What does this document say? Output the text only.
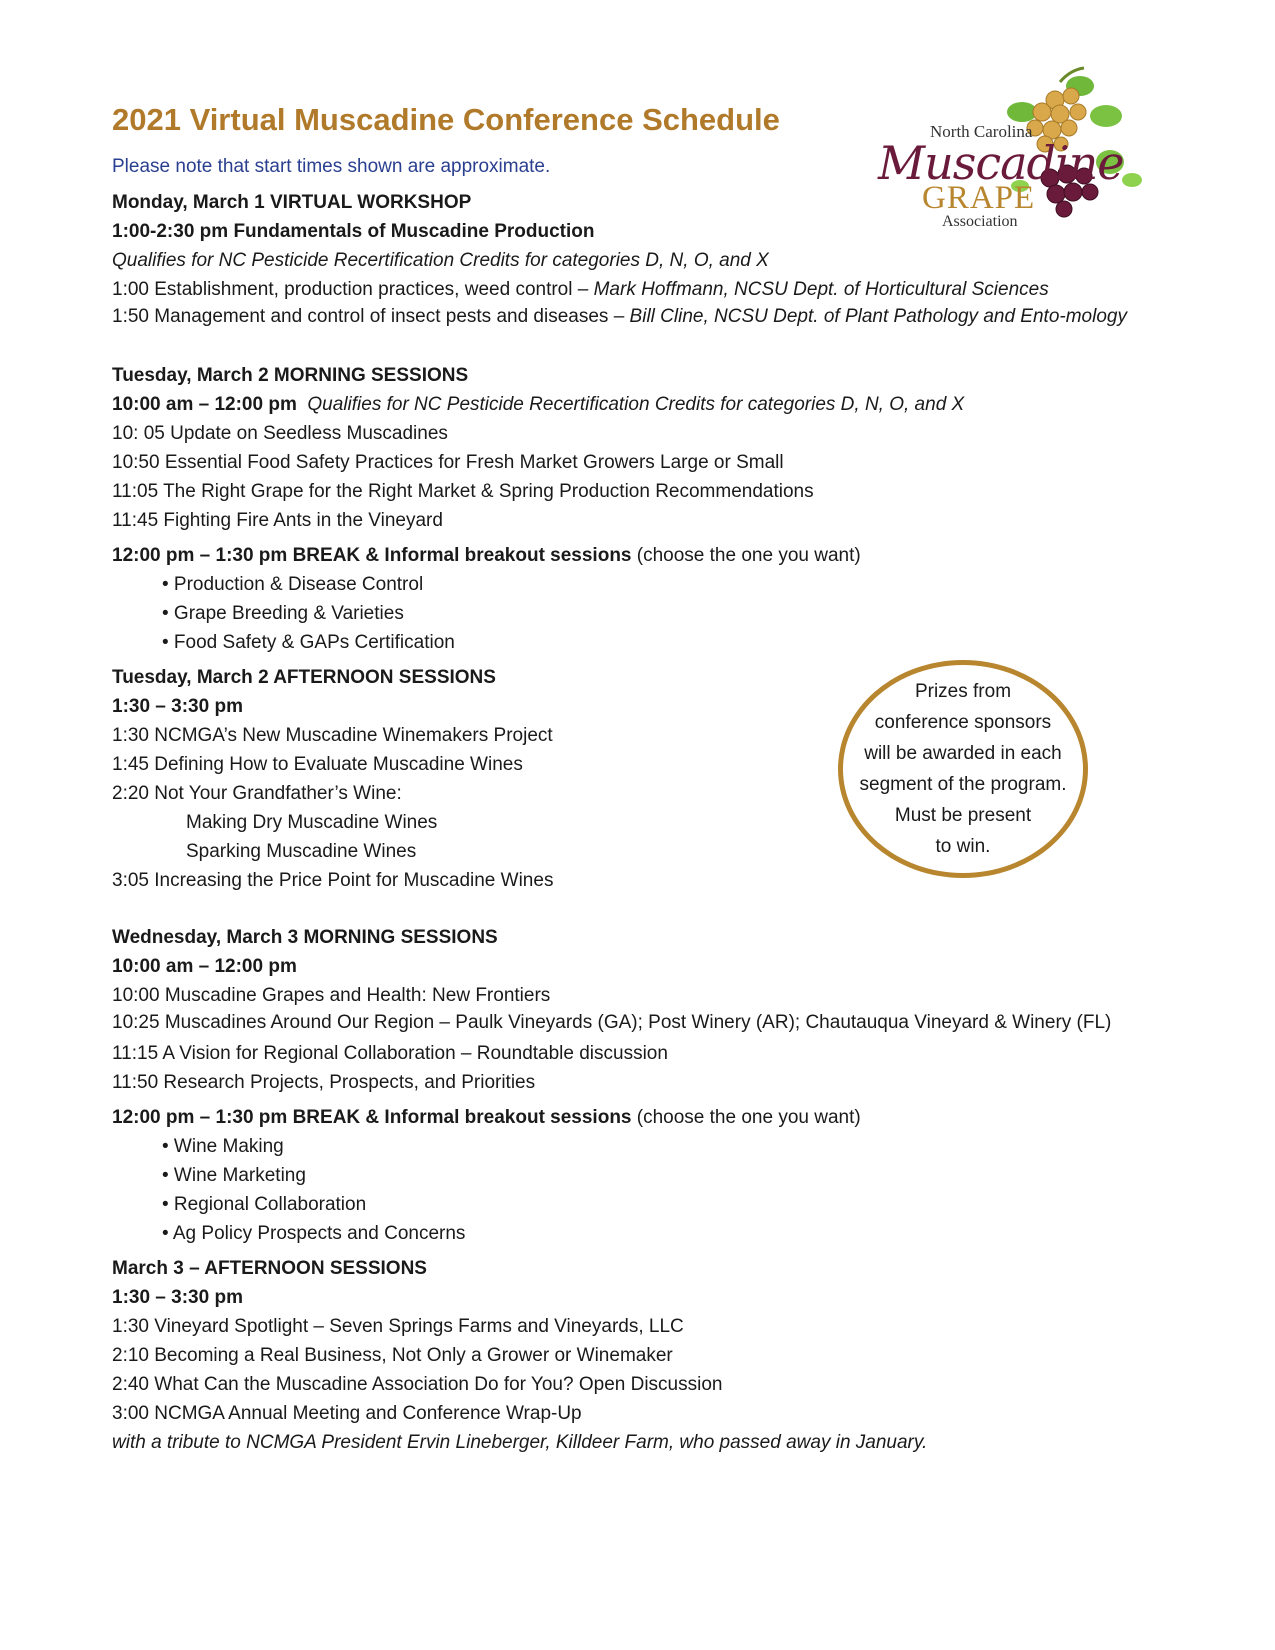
2021 Virtual Muscadine Conference Schedule
Please note that start times shown are approximate.
North Carolina
Muscadine
GRAPE
Association
Monday, March 1 VIRTUAL WORKSHOP
1:00-2:30 pm Fundamentals of Muscadine Production
Qualifies for NC Pesticide Recertification Credits for categories D, N, O, and X
1:00 Establishment, production practices, weed control – Mark Hoffmann, NCSU Dept. of Horticultural Sciences
1:50 Management and control of insect pests and diseases – Bill Cline, NCSU Dept. of Plant Pathology and Ento-mology
Tuesday, March 2 MORNING SESSIONS
10:00 am – 12:00 pm Qualifies for NC Pesticide Recertification Credits for categories D, N, O, and X
10: 05 Update on Seedless Muscadines
10:50 Essential Food Safety Practices for Fresh Market Growers Large or Small
11:05 The Right Grape for the Right Market & Spring Production Recommendations
11:45 Fighting Fire Ants in the Vineyard
12:00 pm – 1:30 pm BREAK & Informal breakout sessions (choose the one you want)
• Production & Disease Control
• Grape Breeding & Varieties
• Food Safety & GAPs Certification
Tuesday, March 2 AFTERNOON SESSIONS
1:30 – 3:30 pm
1:30 NCMGA’s New Muscadine Winemakers Project
1:45 Defining How to Evaluate Muscadine Wines
2:20 Not Your Grandfather’s Wine:
Making Dry Muscadine Wines
Sparking Muscadine Wines
3:05 Increasing the Price Point for Muscadine Wines
Wednesday, March 3 MORNING SESSIONS
10:00 am – 12:00 pm
10:00 Muscadine Grapes and Health: New Frontiers
10:25 Muscadines Around Our Region – Paulk Vineyards (GA); Post Winery (AR); Chautauqua Vineyard & Winery (FL)
11:15 A Vision for Regional Collaboration – Roundtable discussion
11:50 Research Projects, Prospects, and Priorities
12:00 pm – 1:30 pm BREAK & Informal breakout sessions (choose the one you want)
• Wine Making
• Wine Marketing
• Regional Collaboration
• Ag Policy Prospects and Concerns
March 3 – AFTERNOON SESSIONS
1:30 – 3:30 pm
1:30 Vineyard Spotlight – Seven Springs Farms and Vineyards, LLC
2:10 Becoming a Real Business, Not Only a Grower or Winemaker
2:40 What Can the Muscadine Association Do for You? Open Discussion
3:00 NCMGA Annual Meeting and Conference Wrap-Up
with a tribute to NCMGA President Ervin Lineberger, Killdeer Farm, who passed away in January.

Prizes from
conference sponsors
will be awarded in each
segment of the program.
Must be present
to win.
